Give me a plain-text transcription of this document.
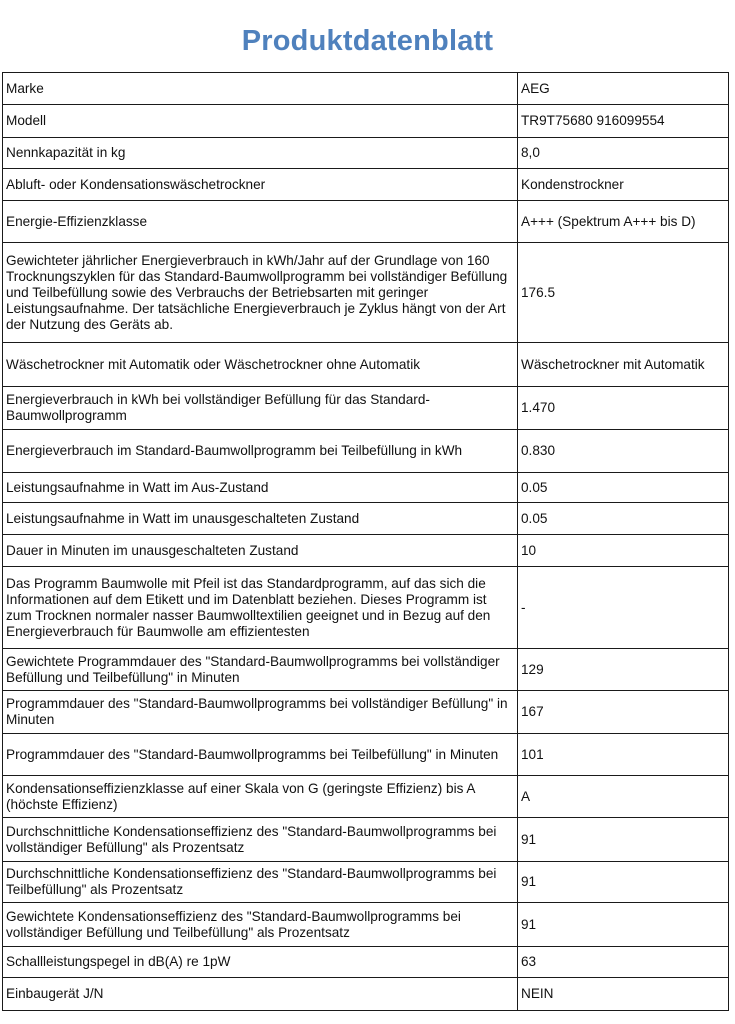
Produktdatenblatt
Marke	AEG
Modell	TR9T75680 916099554
Nennkapazität in kg	8,0
Abluft- oder Kondensationswäschetrockner	Kondenstrockner
Energie-Effizienzklasse	A+++ (Spektrum A+++ bis D)
Gewichteter jährlicher Energieverbrauch in kWh/Jahr auf der Grundlage von 160 Trocknungszyklen für das Standard-Baumwollprogramm bei vollständiger Befüllung und Teilbefüllung sowie des Verbrauchs der Betriebsarten mit geringer Leistungsaufnahme. Der tatsächliche Energieverbrauch je Zyklus hängt von der Art der Nutzung des Geräts ab.	176.5
Wäschetrockner mit Automatik oder Wäschetrockner ohne Automatik	Wäschetrockner mit Automatik
Energieverbrauch in kWh bei vollständiger Befüllung für das Standard-Baumwollprogramm	1.470
Energieverbrauch im Standard-Baumwollprogramm bei Teilbefüllung in kWh	0.830
Leistungsaufnahme in Watt im Aus-Zustand	0.05
Leistungsaufnahme in Watt im unausgeschalteten Zustand	0.05
Dauer in Minuten im unausgeschalteten Zustand	10
Das Programm Baumwolle mit Pfeil ist das Standardprogramm, auf das sich die Informationen auf dem Etikett und im Datenblatt beziehen. Dieses Programm ist zum Trocknen normaler nasser Baumwolltextilien geeignet und in Bezug auf den Energieverbrauch für Baumwolle am effizientesten	-
Gewichtete Programmdauer des "Standard-Baumwollprogramms bei vollständiger Befüllung und Teilbefüllung" in Minuten	129
Programmdauer des "Standard-Baumwollprogramms bei vollständiger Befüllung" in Minuten	167
Programmdauer des "Standard-Baumwollprogramms bei Teilbefüllung" in Minuten	101
Kondensationseffizienzklasse auf einer Skala von G (geringste Effizienz) bis A (höchste Effizienz)	A
Durchschnittliche Kondensationseffizienz des "Standard-Baumwollprogramms bei vollständiger Befüllung" als Prozentsatz	91
Durchschnittliche Kondensationseffizienz des "Standard-Baumwollprogramms bei Teilbefüllung" als Prozentsatz	91
Gewichtete Kondensationseffizienz des "Standard-Baumwollprogramms bei vollständiger Befüllung und Teilbefüllung" als Prozentsatz	91
Schallleistungspegel in dB(A) re 1pW	63
Einbaugerät J/N	NEIN
